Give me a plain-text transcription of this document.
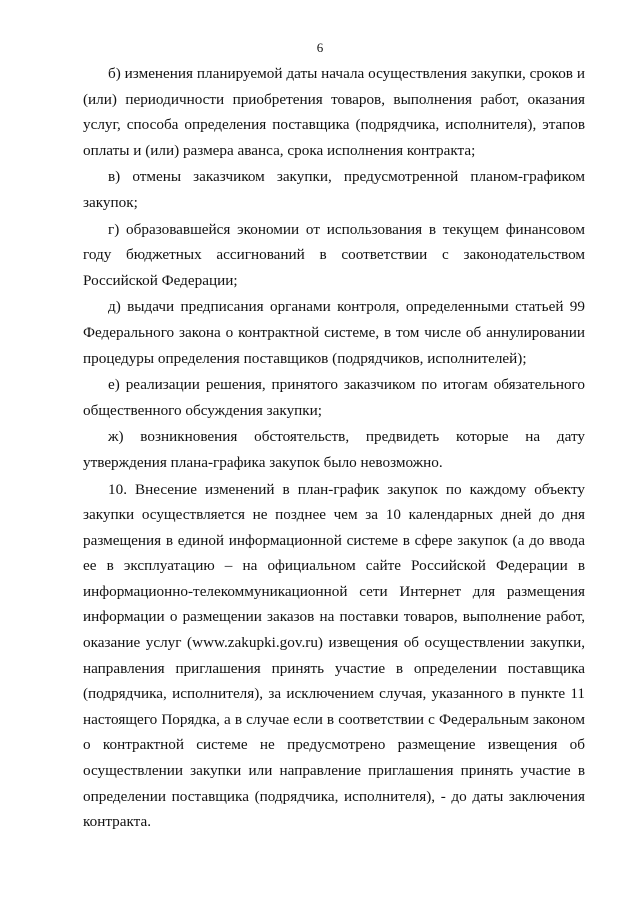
6

б) изменения планируемой даты начала осуществления закупки, сроков и (или) периодичности приобретения товаров, выполнения работ, оказания услуг, способа определения поставщика (подрядчика, исполнителя), этапов оплаты и (или) размера аванса, срока исполнения контракта;

в) отмены заказчиком закупки, предусмотренной планом-графиком закупок;

г) образовавшейся экономии от использования в текущем финансовом году бюджетных ассигнований в соответствии с законодательством Российской Федерации;

д) выдачи предписания органами контроля, определенными статьей 99 Федерального закона о контрактной системе, в том числе об аннулировании процедуры определения поставщиков (подрядчиков, исполнителей);

е) реализации решения, принятого заказчиком по итогам обязательного общественного обсуждения закупки;

ж) возникновения обстоятельств, предвидеть которые на дату утверждения плана-графика закупок было невозможно.

10. Внесение изменений в план-график закупок по каждому объекту закупки осуществляется не позднее чем за 10 календарных дней до дня размещения в единой информационной системе в сфере закупок (а до ввода ее в эксплуатацию – на официальном сайте Российской Федерации в информационно-телекоммуникационной сети Интернет для размещения информации о размещении заказов на поставки товаров, выполнение работ, оказание услуг (www.zakupki.gov.ru) извещения об осуществлении закупки, направления приглашения принять участие в определении поставщика (подрядчика, исполнителя), за исключением случая, указанного в пункте 11 настоящего Порядка, а в случае если в соответствии с Федеральным законом о контрактной системе не предусмотрено размещение извещения об осуществлении закупки или направление приглашения принять участие в определении поставщика (подрядчика, исполнителя), - до даты заключения контракта.
